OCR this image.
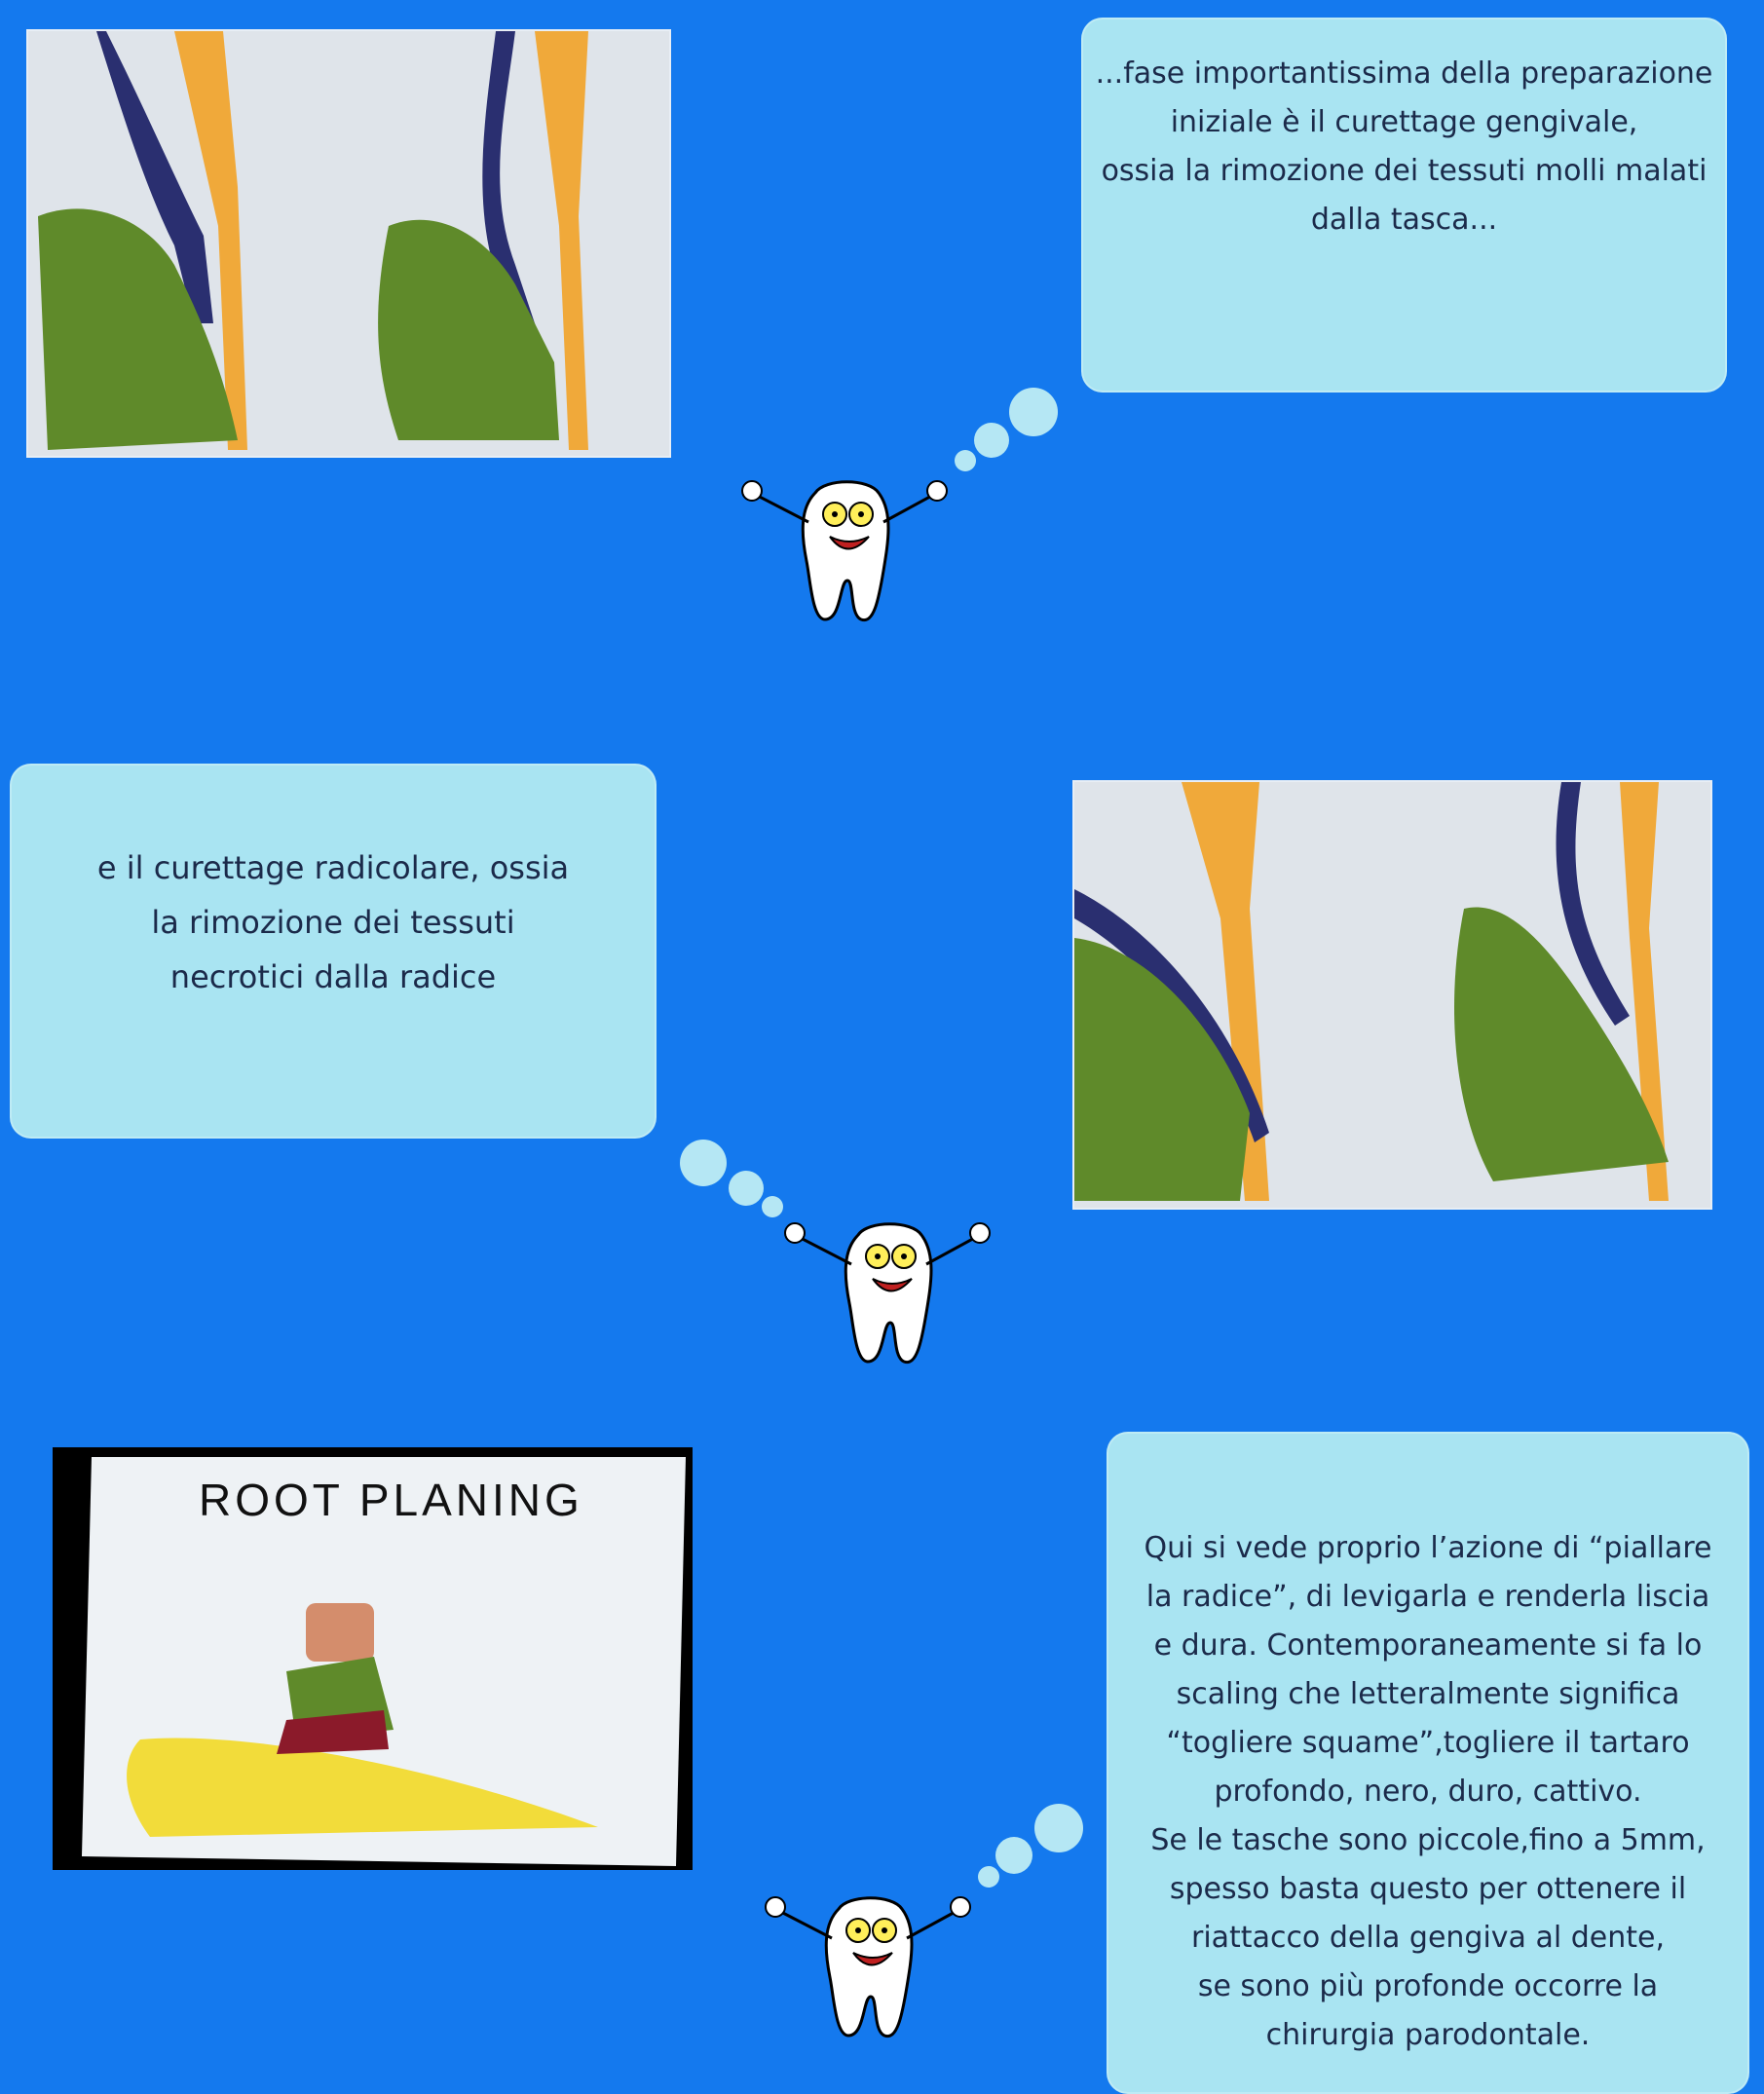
...fase importantissima della preparazione
iniziale è il curettage gengivale,
ossia la rimozione dei tessuti molli malati
dalla tasca...

e il curettage radicolare, ossia
la rimozione dei tessuti
necrotici dalla radice

ROOT PLANING

Qui si vede proprio l’azione di “piallare
la radice”, di levigarla e renderla liscia
e dura. Contemporaneamente si fa lo
scaling che letteralmente significa
“togliere squame”,togliere il tartaro
profondo, nero, duro, cattivo.
Se le tasche sono piccole,fino a 5mm,
spesso basta questo per ottenere il
riattacco della gengiva al dente,
se sono più profonde occorre la
chirurgia parodontale.
